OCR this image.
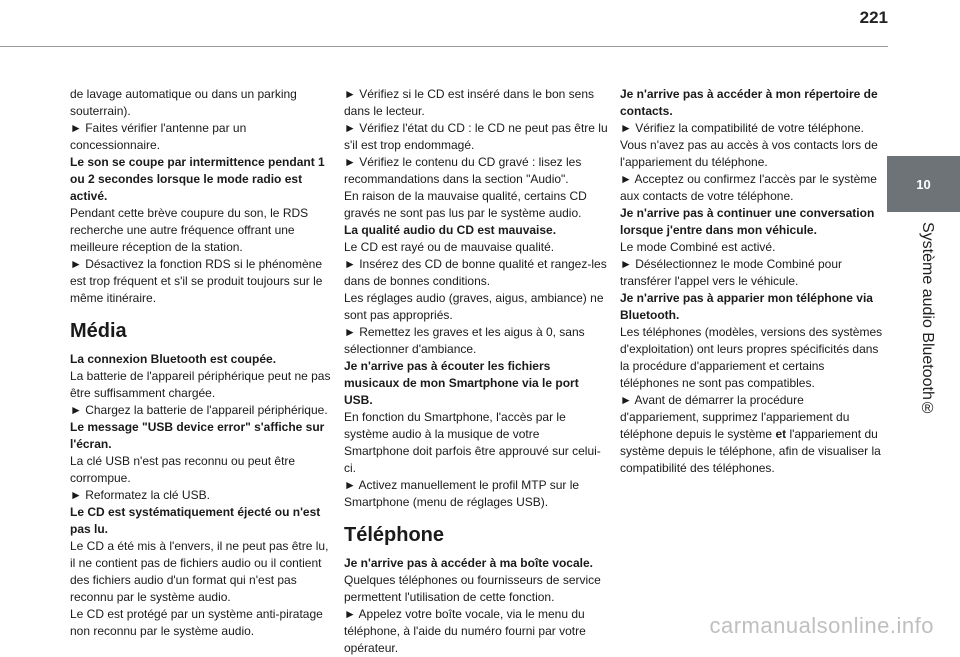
221
10
Système audio Bluetooth®

de lavage automatique ou dans un parking souterrain).

► Faites vérifier l'antenne par un concessionnaire.

Le son se coupe par intermittence pendant 1 ou 2 secondes lorsque le mode radio est activé.

Pendant cette brève coupure du son, le RDS recherche une autre fréquence offrant une meilleure réception de la station.

► Désactivez la fonction RDS si le phénomène est trop fréquent et s'il se produit toujours sur le même itinéraire.

Média

La connexion Bluetooth est coupée.

La batterie de l'appareil périphérique peut ne pas être suffisamment chargée.

► Chargez la batterie de l'appareil périphérique.

Le message "USB device error" s'affiche sur l'écran.

La clé USB n'est pas reconnu ou peut être corrompue.

► Reformatez la clé USB.

Le CD est systématiquement éjecté ou n'est pas lu.

Le CD a été mis à l'envers, il ne peut pas être lu, il ne contient pas de fichiers audio ou il contient des fichiers audio d'un format qui n'est pas reconnu par le système audio.

Le CD est protégé par un système anti-piratage non reconnu par le système audio.

► Vérifiez si le CD est inséré dans le bon sens dans le lecteur.

► Vérifiez l'état du CD : le CD ne peut pas être lu s'il est trop endommagé.

► Vérifiez le contenu du CD gravé : lisez les recommandations dans la section "Audio".

En raison de la mauvaise qualité, certains CD gravés ne sont pas lus par le système audio.

La qualité audio du CD est mauvaise.

Le CD est rayé ou de mauvaise qualité.

► Insérez des CD de bonne qualité et rangez-les dans de bonnes conditions.

Les réglages audio (graves, aigus, ambiance) ne sont pas appropriés.

► Remettez les graves et les aigus à 0, sans sélectionner d'ambiance.

Je n'arrive pas à écouter les fichiers musicaux de mon Smartphone via le port USB.

En fonction du Smartphone, l'accès par le système audio à la musique de votre Smartphone doit parfois être approuvé sur celui-ci.

► Activez manuellement le profil MTP sur le Smartphone (menu de réglages USB).

Téléphone

Je n'arrive pas à accéder à ma boîte vocale.

Quelques téléphones ou fournisseurs de service permettent l'utilisation de cette fonction.

► Appelez votre boîte vocale, via le menu du téléphone, à l'aide du numéro fourni par votre opérateur.

Je n'arrive pas à accéder à mon répertoire de contacts.

► Vérifiez la compatibilité de votre téléphone.

Vous n'avez pas au accès à vos contacts lors de l'appariement du téléphone.

► Acceptez ou confirmez l'accès par le système aux contacts de votre téléphone.

Je n'arrive pas à continuer une conversation lorsque j'entre dans mon véhicule.

Le mode Combiné est activé.

► Désélectionnez le mode Combiné pour transférer l'appel vers le véhicule.

Je n'arrive pas à apparier mon téléphone via Bluetooth.

Les téléphones (modèles, versions des systèmes d'exploitation) ont leurs propres spécificités dans la procédure d'appariement et certains téléphones ne sont pas compatibles.

► Avant de démarrer la procédure d'appariement, supprimez l'appariement du téléphone depuis le système et l'appariement du système depuis le téléphone, afin de visualiser la compatibilité des téléphones.

carmanualsonline.info
